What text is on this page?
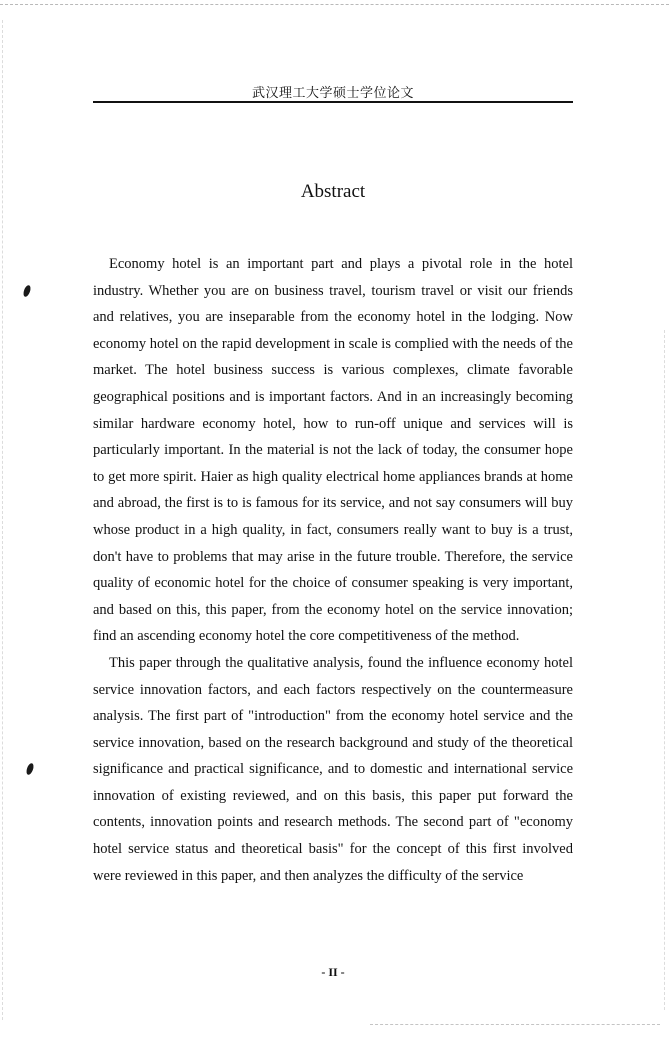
武汉理工大学硕士学位论文
Abstract

Economy hotel is an important part and plays a pivotal role in the hotel industry. Whether you are on business travel, tourism travel or visit our friends and relatives, you are inseparable from the economy hotel in the lodging. Now economy hotel on the rapid development in scale is complied with the needs of the market. The hotel business success is various complexes, climate favorable geographical positions and is important factors. And in an increasingly becoming similar hardware economy hotel, how to run-off unique and services will is particularly important. In the material is not the lack of today, the consumer hope to get more spirit. Haier as high quality electrical home appliances brands at home and abroad, the first is to is famous for its service, and not say consumers will buy whose product in a high quality, in fact, consumers really want to buy is a trust, don't have to problems that may arise in the future trouble. Therefore, the service quality of economic hotel for the choice of consumer speaking is very important, and based on this, this paper, from the economy hotel on the service innovation; find an ascending economy hotel the core competitiveness of the method.

This paper through the qualitative analysis, found the influence economy hotel service innovation factors, and each factors respectively on the countermeasure analysis. The first part of "introduction" from the economy hotel service and the service innovation, based on the research background and study of the theoretical significance and practical significance, and to domestic and international service innovation of existing reviewed, and on this basis, this paper put forward the contents, innovation points and research methods. The second part of "economy hotel service status and theoretical basis" for the concept of this first involved were reviewed in this paper, and then analyzes the difficulty of the service

- II -
